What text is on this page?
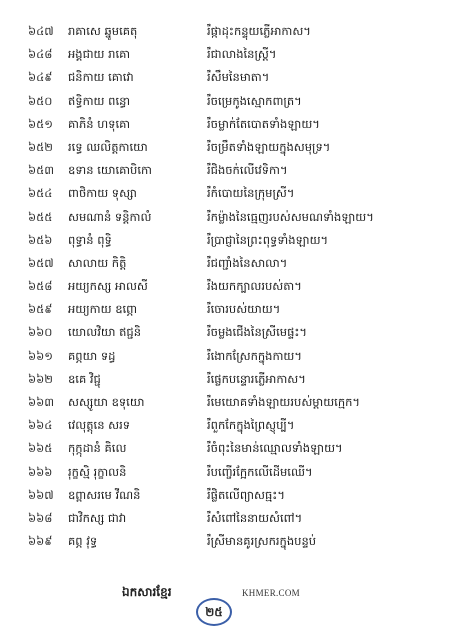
៦៤៧	រាគាសេ ឆ្នូមគេតុ	រឹផ្កាដុះកន្ទុយភ្លើអាកាស។
៦៤៨	អង្គជាយ រាគោ	រឹជាលាងនៃស្ត្រី។
៦៤៩	ជនិកាយ គោវោ	រឹសឹមនៃមាតា។
៦៥០	ឥទ្ធិកាយ ពន្ធោ	រឹចម្រេកូងស្មោកពាត្រ។
៦៥១	គាភិនំ ហទុគោ	រឹចម្លាក់តែបោតទាំងឡាយ។
៦៥២	រទ្ធេ ឈលិត្តកាយោ	រឹចម្រឹតទាំងឡាយក្នុងសមុទ្រ។
៦៥៣	ឧទាន យោគោបិកោ	រឹជិងចក់លើវេទិកា។
៦៥៤	ពាថិកាយ ទុស្សា	រឹកំបោយនៃក្រុមស្រី។
៦៥៥	សមណានំ ទន្តិកាលំ	រឹកម្ល៉ាងនៃធ្មេញរបស់សមណទាំងឡាយ។
៦៥៦	ពុទ្ធានំ ពុទ្ធិ	រឹប្រាជ្ញានៃព្រះពុទ្ធទាំងឡាយ។
៦៥៧	សាលាយ កិត្តិ	រឹជញ្ជាំងនៃសាលា។
៦៥៨	អយ្យកស្ស អាលសី	រឹងយកក្បាលរបស់តា។
៦៥៩	អយ្យកាយ ឧព្ភោ	រឹចោរបស់យាយ។
៦៦០	យោលវិយា ឥជ្ជនិ	រឹចម្លងជើងនៃស្រីមេផ្ទះ។
៦៦១	គព្ភយា ទដ្ធ	រឹងោកស្រែកក្នុងកាយ។
៦៦២	ឧគេ វិជ្ជុ	រឹផ្លេកបន្ទោរភ្លើអាកាស។
៦៦៣	សស្សូយា ឧទុយោ	រឹមេយោគទាំងឡាយរបស់ម្ដាយក្មេក។
៦៦៤	វេលុត្តុនេ សរទ	រឹពួកកែក្នុងព្រៃស្ញុប្បី។
៦៦៥	កុក្កុដានំ គិលេ	រឹចំពុះនៃមាន់ឈ្មោលទាំងឡាយ។
៦៦៦	រុក្ខស្មិ រុក្ខាលនិ	រឹបញ្ចើរក្អែកលើដើមឈើ។
៦៦៧	ឧព្ពាសរមេ វីណនិ	រឹផ្លិតលើព្យាសធ្មះ។
៦៦៨	ជាវិកស្ស ជាវា	រឹសំពៅនៃនាយសំពៅ។
៦៦៩	គព្ភ វុទ្ធ	រឹស្រីមានគូរស្រករក្នុងបន្ទប់
ឯកសារខ្មែរ
២៥
KHMER.COM
